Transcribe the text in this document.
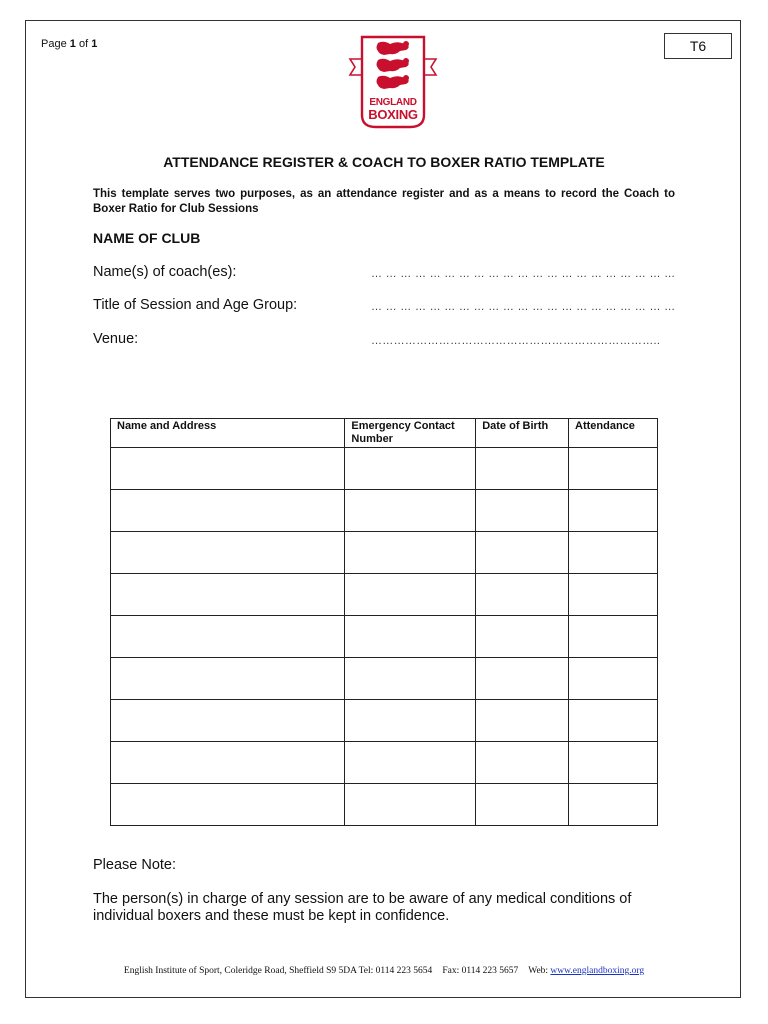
Page 1 of 1	T6
ENGLAND
BOXING
ATTENDANCE REGISTER & COACH TO BOXER RATIO TEMPLATE
This template serves two purposes, as an attendance register and as a means to record the Coach to Boxer Ratio for Club Sessions
NAME OF CLUB
Name(s) of coach(es):	… … … … … … … … … … … … … … … … … … … … …
Title of Session and Age Group:	… … … … … … … … … … … … … … … … … … … … …
Venue:	…………………………………………………………………..
Name and Address	Emergency Contact Number	Date of Birth	Attendance

Please Note:
The person(s) in charge of any session are to be aware of any medical conditions of individual boxers and these must be kept in confidence.
English Institute of Sport, Coleridge Road, Sheffield S9 5DA Tel: 0114 223 5654 Fax: 0114 223 5657 Web: www.englandboxing.org
